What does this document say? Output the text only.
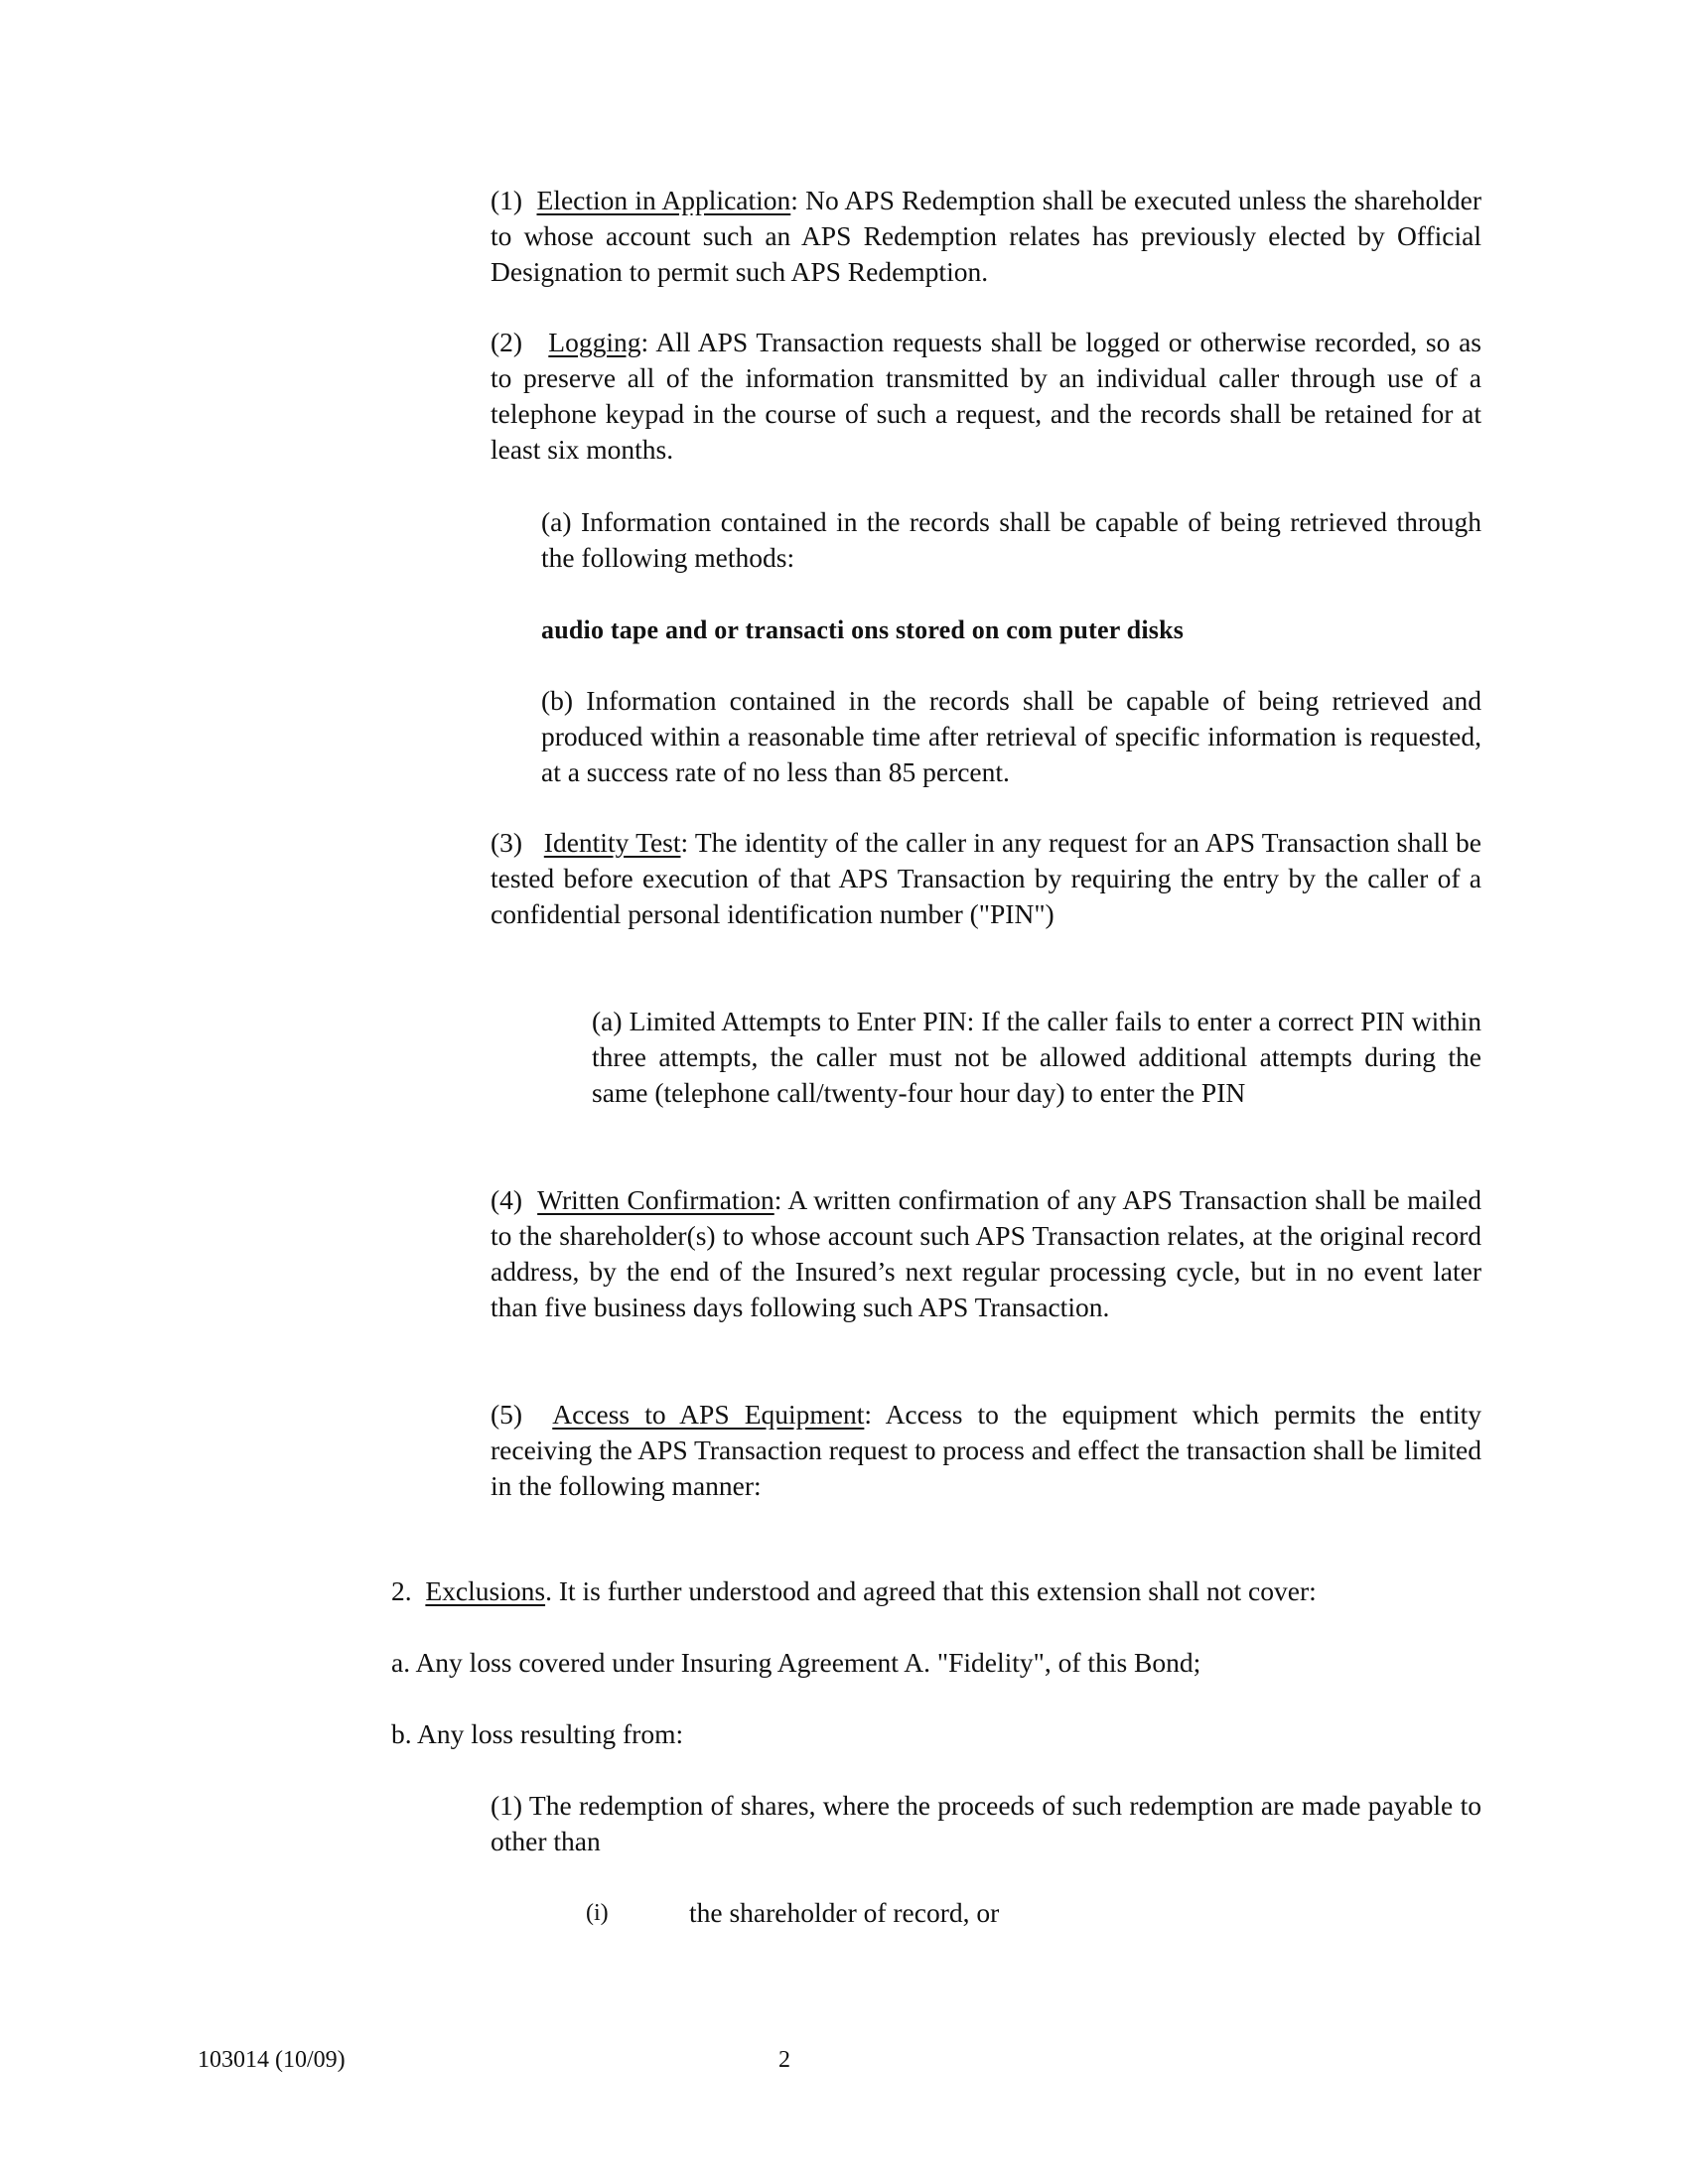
(1) Election in Application: No APS Redemption shall be executed unless the shareholder to whose account such an APS Redemption relates has previously elected by Official Designation to permit such APS Redemption.
(2) Logging: All APS Transaction requests shall be logged or otherwise recorded, so as to preserve all of the information transmitted by an individual caller through use of a telephone keypad in the course of such a request, and the records shall be retained for at least six months.
(a) Information contained in the records shall be capable of being retrieved through the following methods:
audio tape and or transacti ons stored on com puter disks
(b) Information contained in the records shall be capable of being retrieved and produced within a reasonable time after retrieval of specific information is requested, at a success rate of no less than 85 percent.
(3) Identity Test: The identity of the caller in any request for an APS Transaction shall be tested before execution of that APS Transaction by requiring the entry by the caller of a confidential personal identification number ("PIN")
(a) Limited Attempts to Enter PIN: If the caller fails to enter a correct PIN within three attempts, the caller must not be allowed additional attempts during the same (telephone call/twenty-four hour day) to enter the PIN
(4) Written Confirmation: A written confirmation of any APS Transaction shall be mailed to the shareholder(s) to whose account such APS Transaction relates, at the original record address, by the end of the Insured’s next regular processing cycle, but in no event later than five business days following such APS Transaction.
(5) Access to APS Equipment: Access to the equipment which permits the entity receiving the APS Transaction request to process and effect the transaction shall be limited in the following manner:
2. Exclusions. It is further understood and agreed that this extension shall not cover:
a. Any loss covered under Insuring Agreement A. "Fidelity", of this Bond;
b. Any loss resulting from:
(1) The redemption of shares, where the proceeds of such redemption are made payable to other than
(i)	the shareholder of record, or
103014 (10/09)	2
